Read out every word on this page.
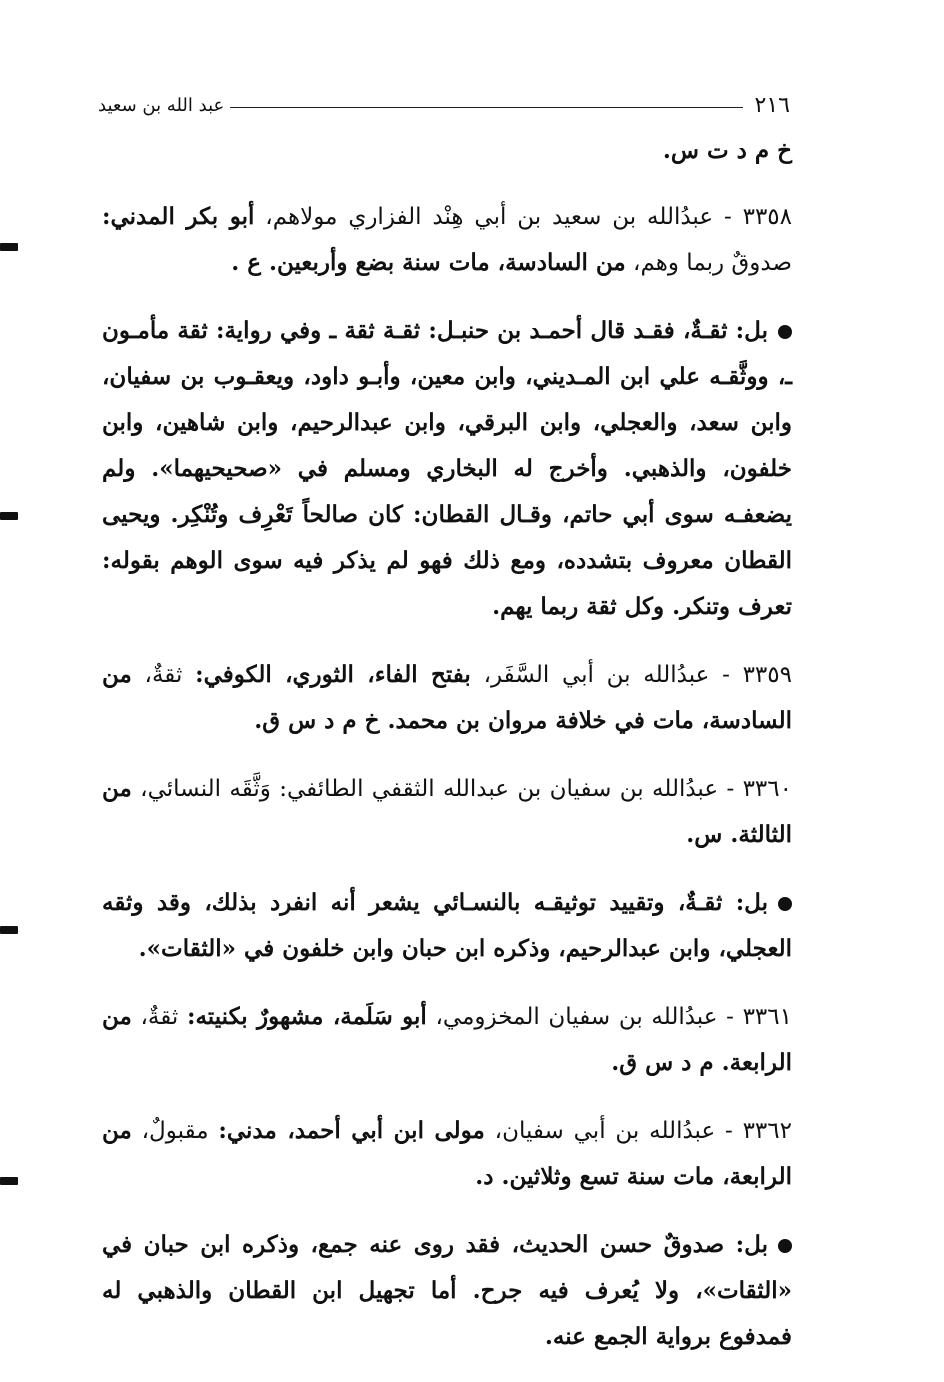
٢١٦
عبد الله بن سعيد

خ م د ت س.

٣٣٥٨ - عبدُالله بن سعيد بن أبي هِنْد الفزاري مولاهم، أبو بكر المدني: صدوقٌ ربما وهم، من السادسة، مات سنة بضع وأربعين. ع .

بل: ثقـةٌ، فقـد قال أحمـد بن حنبـل: ثقـة ثقة ـ وفي رواية: ثقة مأمـون ـ، ووثَّقـه علي ابن المـديني، وابن معين، وأبـو داود، ويعقـوب بن سفيان، وابن سعد، والعجلي، وابن البرقي، وابن عبدالرحيم، وابن شاهين، وابن خلفون، والذهبي. وأخرج له البخاري ومسلم في «صحيحيهما». ولم يضعفـه سوى أبي حاتم، وقـال القطان: كان صالحاً تَعْرِف وتُنْكِر. ويحيى القطان معروف بتشدده، ومع ذلك فهو لم يذكر فيه سوى الوهم بقوله: تعرف وتنكر. وكل ثقة ربما يهم.

٣٣٥٩ - عبدُالله بن أبي السَّفَر، بفتح الفاء، الثوري، الكوفي: ثقةٌ، من السادسة، مات في خلافة مروان بن محمد. خ م د س ق.

٣٣٦٠ - عبدُالله بن سفيان بن عبدالله الثقفي الطائفي: وَثَّقَه النسائي، من الثالثة. س.

بل: ثقـةٌ، وتقييد توثيقـه بالنسـائي يشعر أنه انفرد بذلك، وقد وثقه العجلي، وابن عبدالرحيم، وذكره ابن حبان وابن خلفون في «الثقات».

٣٣٦١ - عبدُالله بن سفيان المخزومي، أبو سَلَمة، مشهورٌ بكنيته: ثقةٌ، من الرابعة. م د س ق.

٣٣٦٢ - عبدُالله بن أبي سفيان، مولى ابن أبي أحمد، مدني: مقبولٌ، من الرابعة، مات سنة تسع وثلاثين. د.

بل: صدوقٌ حسن الحديث، فقد روى عنه جمع، وذكره ابن حبان في «الثقات»، ولا يُعرف فيه جرح. أما تجهيل ابن القطان والذهبي له فمدفوع برواية الجمع عنه.
